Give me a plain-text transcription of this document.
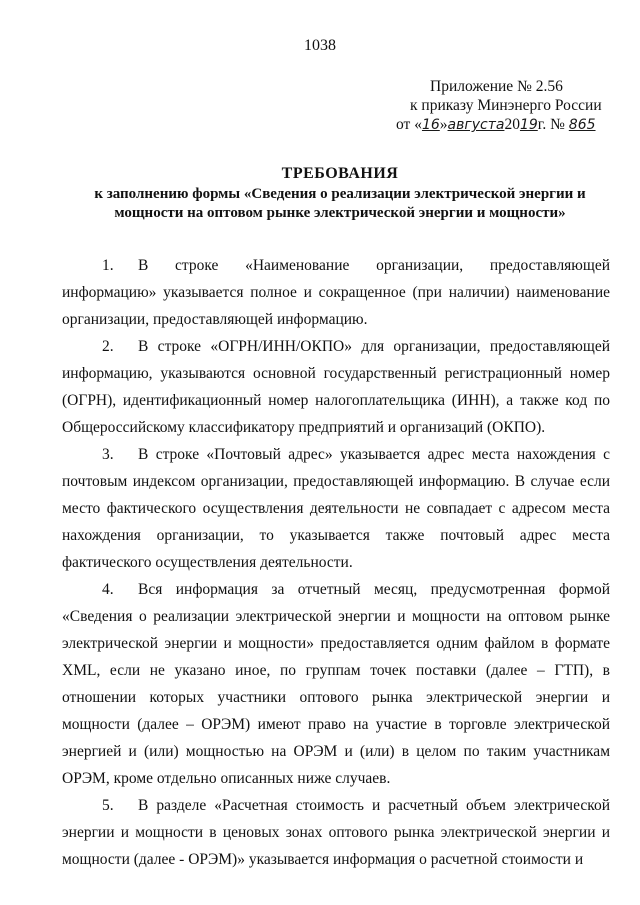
1038
Приложение № 2.56
к приказу Минэнерго России
от «16»августа2019г. № 865
ТРЕБОВАНИЯ
к заполнению формы «Сведения о реализации электрической энергии и
мощности на оптовом рынке электрической энергии и мощности»

1. В строке «Наименование организации, предоставляющей информацию» указывается полное и сокращенное (при наличии) наименование организации, предоставляющей информацию.

2. В строке «ОГРН/ИНН/ОКПО» для организации, предоставляющей информацию, указываются основной государственный регистрационный номер (ОГРН), идентификационный номер налогоплательщика (ИНН), а также код по Общероссийскому классификатору предприятий и организаций (ОКПО).

3. В строке «Почтовый адрес» указывается адрес места нахождения с почтовым индексом организации, предоставляющей информацию. В случае если место фактического осуществления деятельности не совпадает с адресом места нахождения организации, то указывается также почтовый адрес места фактического осуществления деятельности.

4. Вся информация за отчетный месяц, предусмотренная формой «Сведения о реализации электрической энергии и мощности на оптовом рынке электрической энергии и мощности» предоставляется одним файлом в формате XML, если не указано иное, по группам точек поставки (далее – ГТП), в отношении которых участники оптового рынка электрической энергии и мощности (далее – ОРЭМ) имеют право на участие в торговле электрической энергией и (или) мощностью на ОРЭМ и (или) в целом по таким участникам ОРЭМ, кроме отдельно описанных ниже случаев.

5. В разделе «Расчетная стоимость и расчетный объем электрической энергии и мощности в ценовых зонах оптового рынка электрической энергии и мощности (далее - ОРЭМ)» указывается информация о расчетной стоимости и
